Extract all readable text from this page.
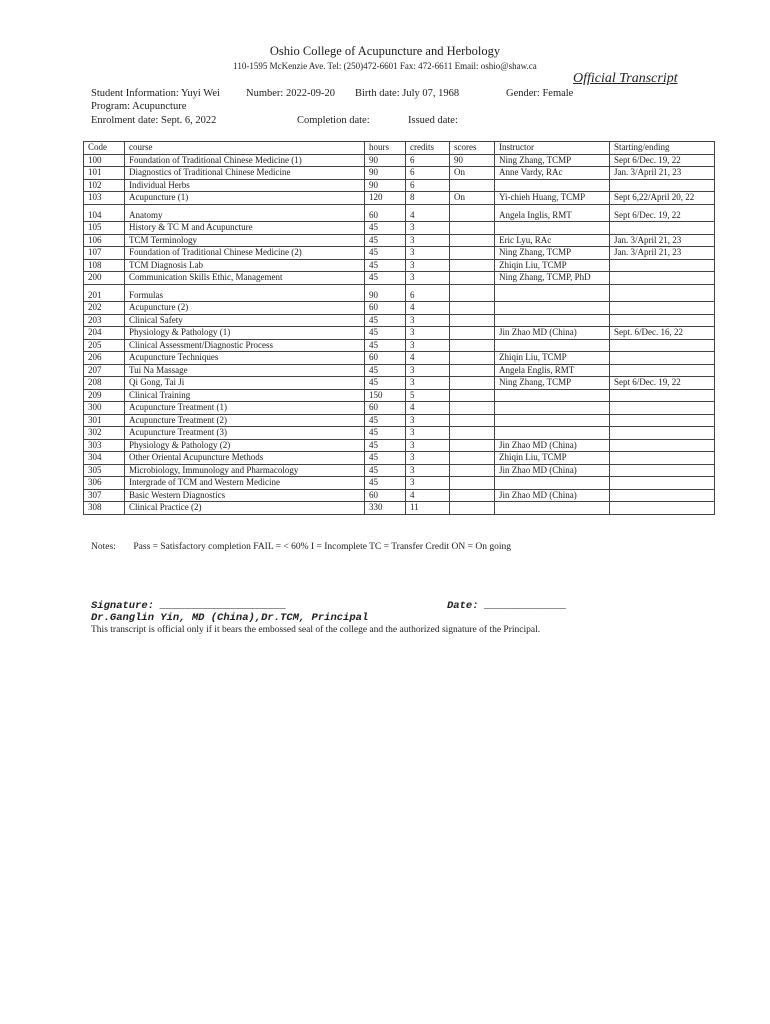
Oshio College of Acupuncture and Herbology
110-1595 McKenzie Ave. Tel: (250)472-6601 Fax: 472-6611 Email: oshio@shaw.ca
Official Transcript
Student Information: Yuyi Wei Number: 2022-09-20 Birth date: July 07, 1968	Gender: Female
Program: Acupuncture
Enrolment date: Sept. 6, 2022	Completion date:	Issued date:
Code	course	hours	credits	scores	Instructor	Starting/ending
100	Foundation of Traditional Chinese Medicine (1)	90	6	90	Ning Zhang, TCMP	Sept 6/Dec. 19, 22
101	Diagnostics of Traditional Chinese Medicine	90	6	On	Anne Vardy, RAc	Jan. 3/April 21, 23
102	Individual Herbs	90	6			
103	Acupuncture (1)	120	8	On	Yi-chieh Huang, TCMP	Sept 6,22/April 20, 22
104	Anatomy	60	4		Angela Inglis, RMT	Sept 6/Dec. 19, 22
105	History & TC M and Acupuncture	45	3			
106	TCM Terminology	45	3		Eric Lyu, RAc	Jan. 3/April 21, 23
107	Foundation of Traditional Chinese Medicine (2)	45	3		Ning Zhang, TCMP	Jan. 3/April 21, 23
108	TCM Diagnosis Lab	45	3		Zhiqin Liu, TCMP	
200	Communication Skills Ethic, Management	45	3		Ning Zhang, TCMP, PhD	
201	Formulas	90	6			
202	Acupuncture (2)	60	4			
203	Clinical Safety	45	3			
204	Physiology & Pathology (1)	45	3		Jin Zhao MD (China)	Sept. 6/Dec. 16, 22
205	Clinical Assessment/Diagnostic Process	45	3			
206	Acupuncture Techniques	60	4		Zhiqin Liu, TCMP	
207	Tui Na Massage	45	3		Angela Englis, RMT	
208	Qi Gong, Tai Ji	45	3		Ning Zhang, TCMP	Sept 6/Dec. 19, 22
209	Clinical Training	150	5			
300	Acupuncture Treatment (1)	60	4			
301	Acupuncture Treatment (2)	45	3			
302	Acupuncture Treatment (3)	45	3			
303	Physiology & Pathology (2)	45	3		Jin Zhao MD (China)	
304	Other Oriental Acupuncture Methods	45	3		Zhiqin Liu, TCMP	
305	Microbiology, Immunology and Pharmacology	45	3		Jin Zhao MD (China)	
306	Intergrade of TCM and Western Medicine	45	3			
307	Basic Western Diagnostics	60	4		Jin Zhao MD (China)	
308	Clinical Practice (2)	330	11			
Notes: Pass = Satisfactory completion FAIL = < 60% I = Incomplete TC = Transfer Credit ON = On going
Signature: ____________________	Date: _____________
Dr.Ganglin Yin, MD (China),Dr.TCM, Principal
This transcript is official only if it bears the embossed seal of the college and the authorized signature of the Principal.
